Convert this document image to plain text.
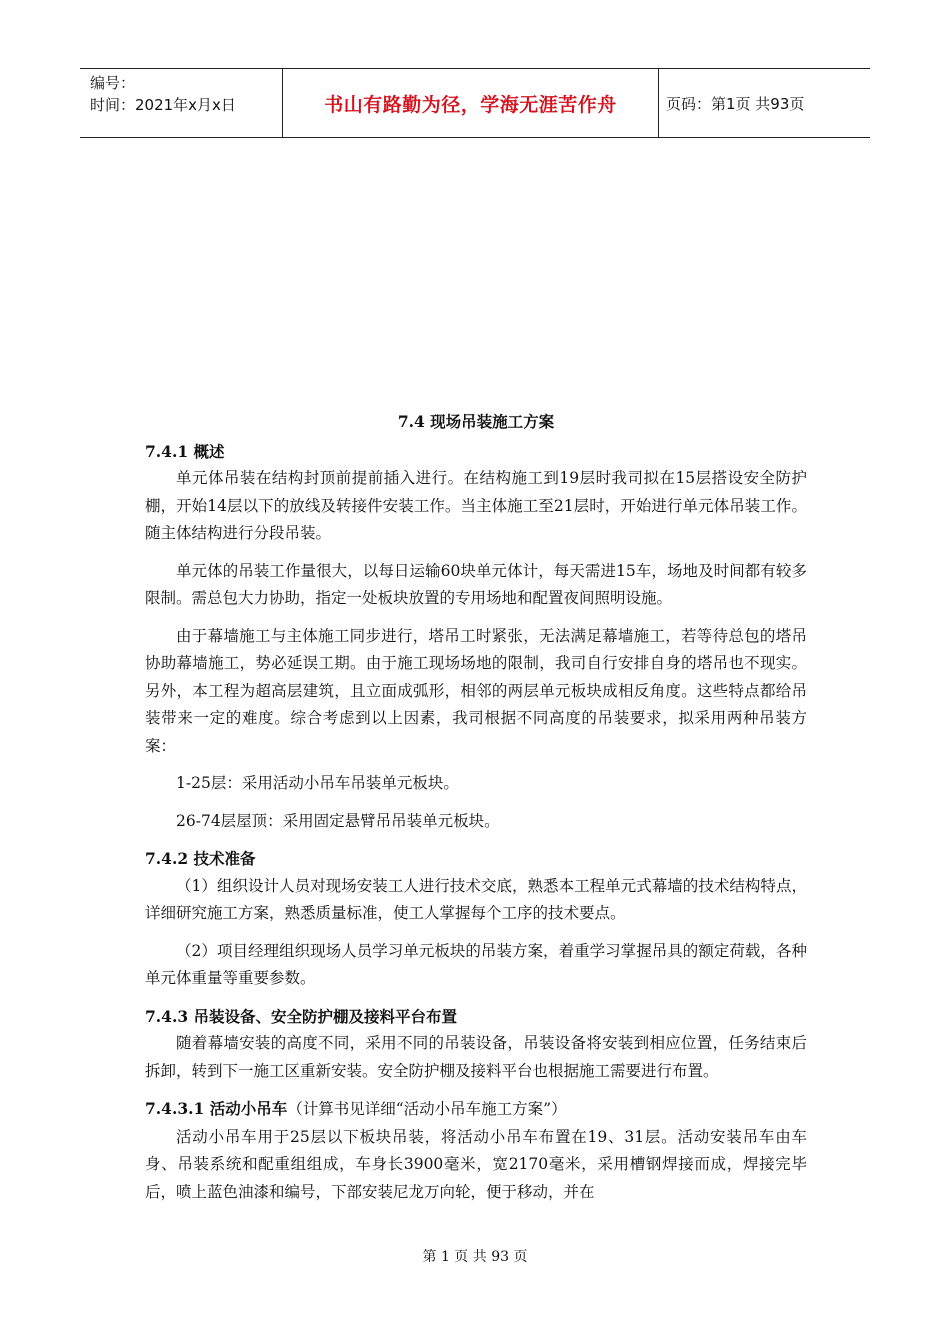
编号：
时间：2021年x月x日	书山有路勤为径，学海无涯苦作舟	页码：第1页 共93页
7.4 现场吊装施工方案
7.4.1 概述

单元体吊装在结构封顶前提前插入进行。在结构施工到19层时我司拟在15层搭设安全防护棚，开始14层以下的放线及转接件安装工作。当主体施工至21层时，开始进行单元体吊装工作。随主体结构进行分段吊装。

单元体的吊装工作量很大，以每日运输60块单元体计，每天需进15车，场地及时间都有较多限制。需总包大力协助，指定一处板块放置的专用场地和配置夜间照明设施。

由于幕墙施工与主体施工同步进行，塔吊工时紧张，无法满足幕墙施工，若等待总包的塔吊协助幕墙施工，势必延误工期。由于施工现场场地的限制，我司自行安排自身的塔吊也不现实。另外，本工程为超高层建筑，且立面成弧形，相邻的两层单元板块成相反角度。这些特点都给吊装带来一定的难度。综合考虑到以上因素，我司根据不同高度的吊装要求，拟采用两种吊装方案：

1-25层：采用活动小吊车吊装单元板块。

26-74层屋顶：采用固定悬臂吊吊装单元板块。

7.4.2 技术准备

（1）组织设计人员对现场安装工人进行技术交底，熟悉本工程单元式幕墙的技术结构特点，详细研究施工方案，熟悉质量标准，使工人掌握每个工序的技术要点。

（2）项目经理组织现场人员学习单元板块的吊装方案，着重学习掌握吊具的额定荷载，各种单元体重量等重要参数。

7.4.3 吊装设备、安全防护棚及接料平台布置

随着幕墙安装的高度不同，采用不同的吊装设备，吊装设备将安装到相应位置，任务结束后拆卸，转到下一施工区重新安装。安全防护棚及接料平台也根据施工需要进行布置。

7.4.3.1 活动小吊车（计算书见详细“活动小吊车施工方案”）

活动小吊车用于25层以下板块吊装，将活动小吊车布置在19、31层。活动安装吊车由车身、吊装系统和配重组组成，车身长3900毫米，宽2170毫米，采用槽钢焊接而成，焊接完毕后，喷上蓝色油漆和编号，下部安装尼龙万向轮，便于移动，并在

第 1 页 共 93 页
